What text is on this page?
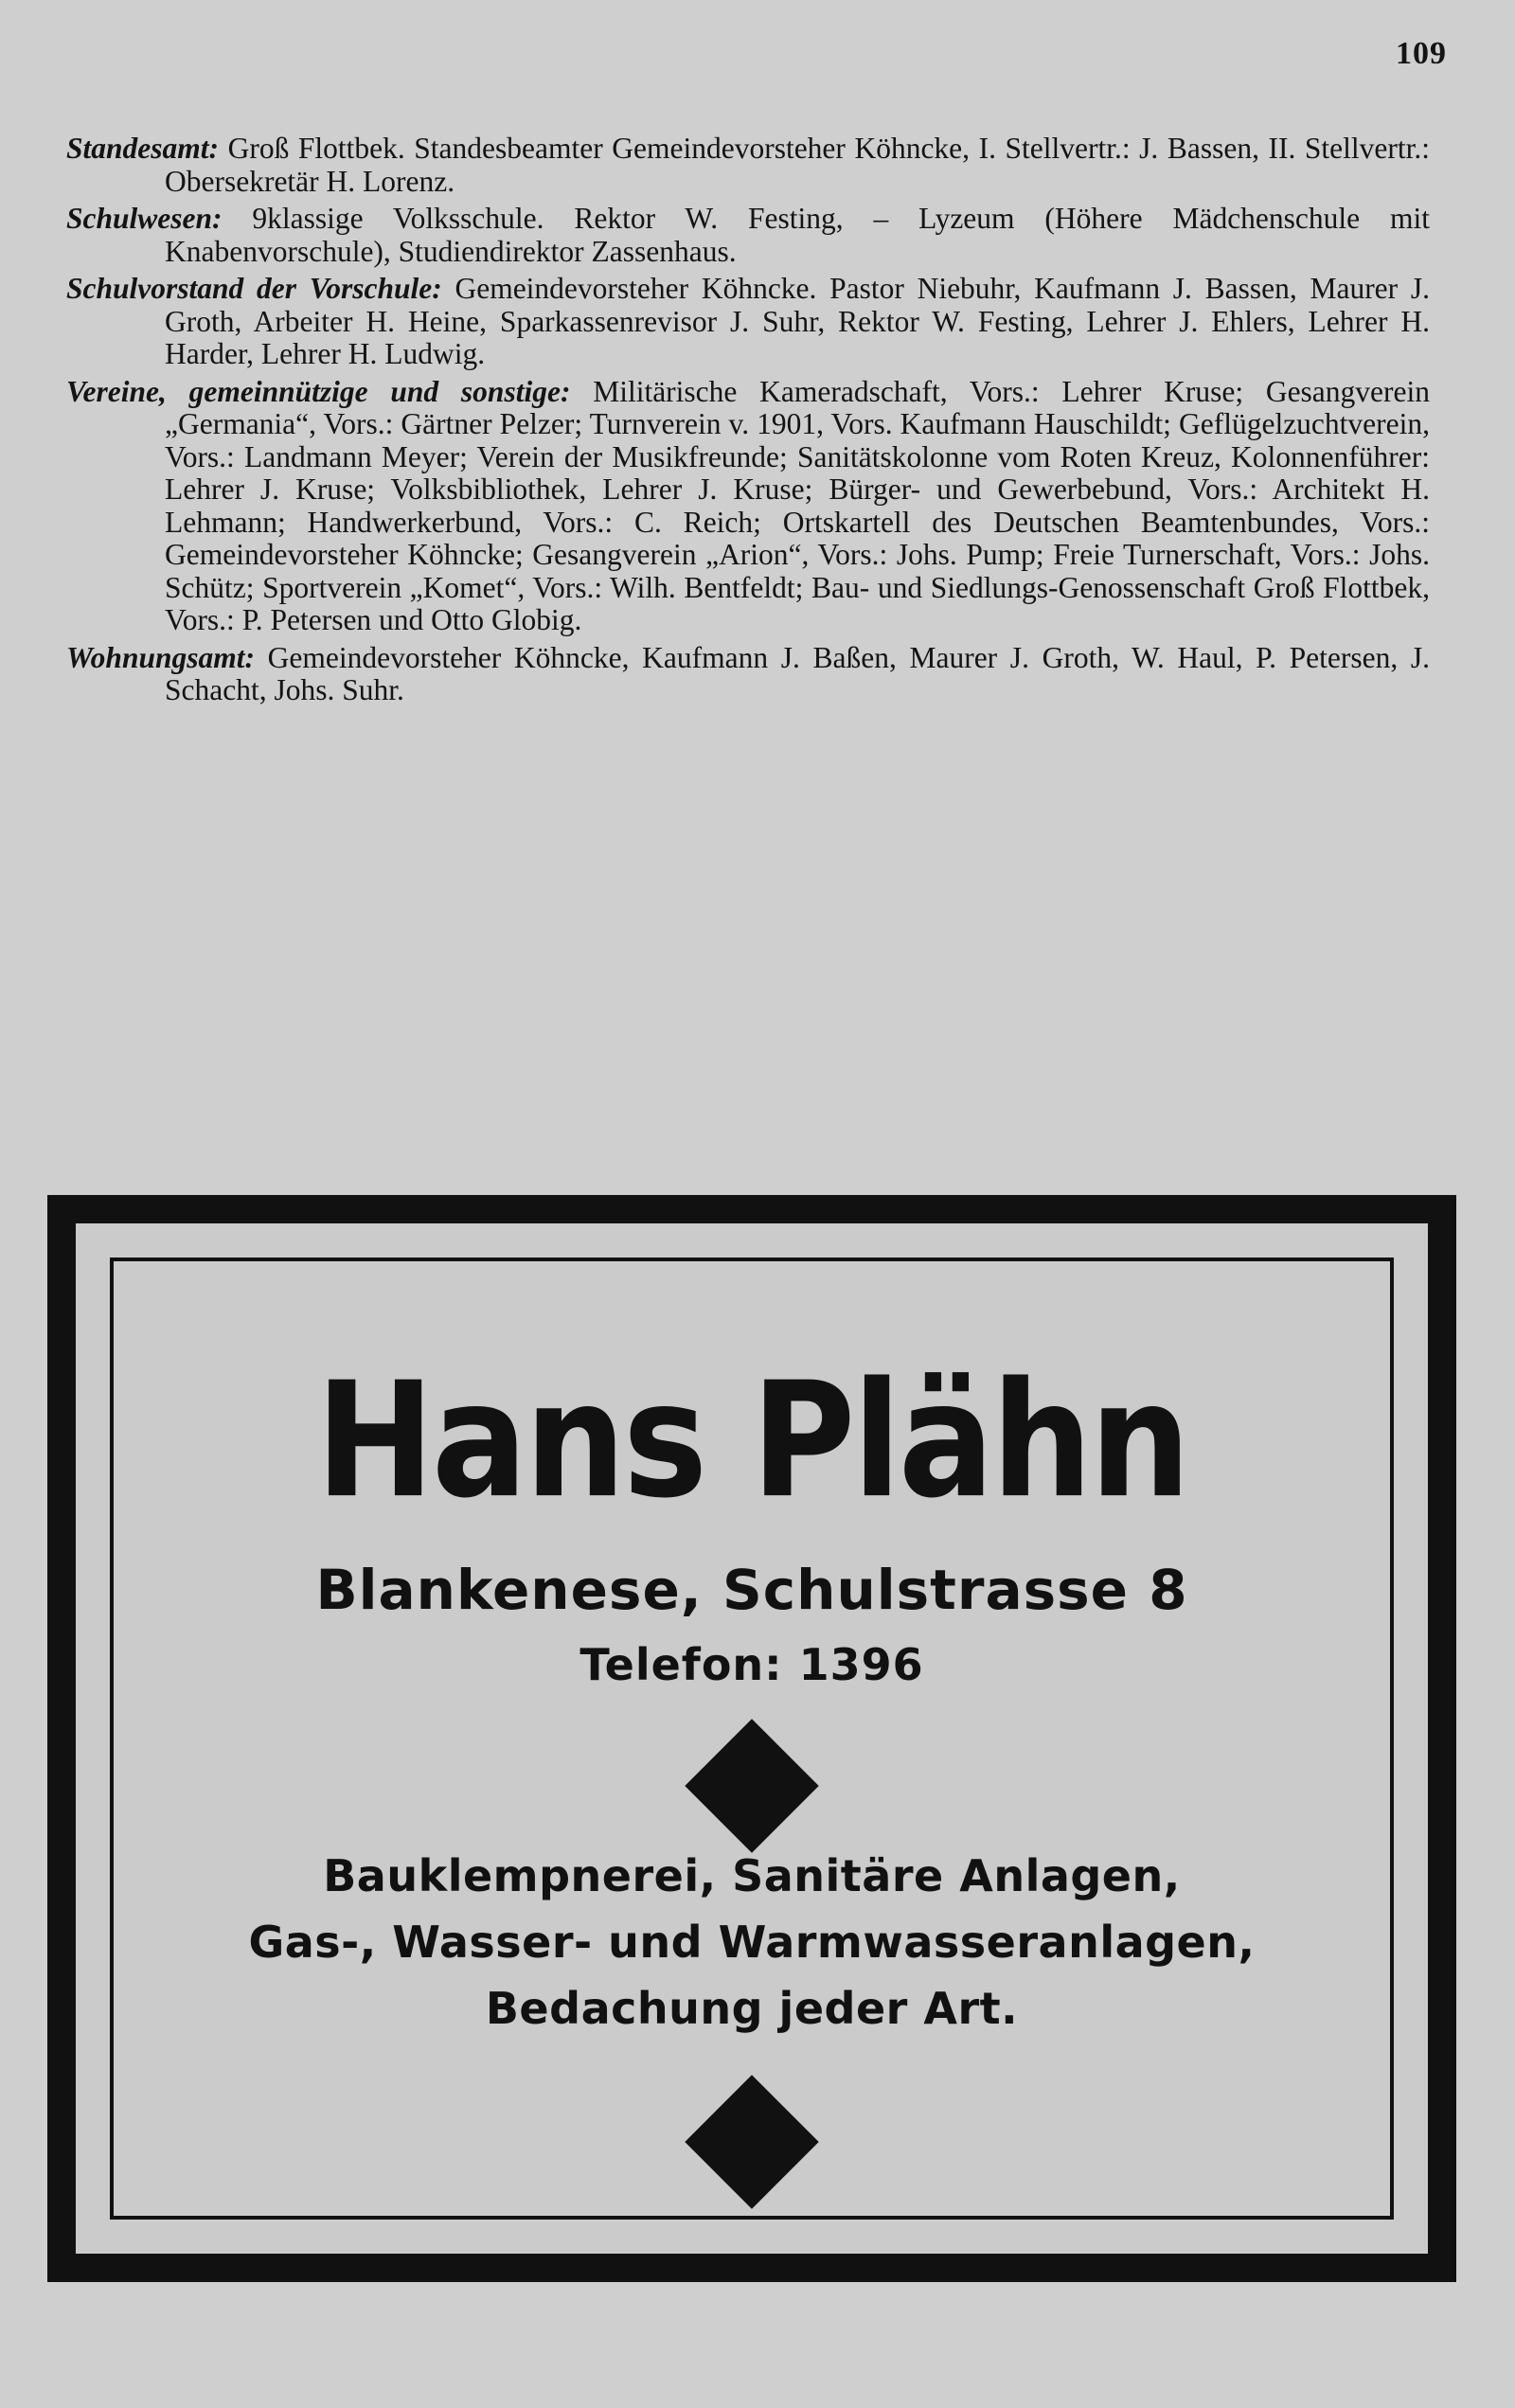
109

Standesamt: Groß Flottbek. Standesbeamter Gemeindevorsteher Köhncke, I. Stellvertr.: J. Bassen, II. Stellvertr.: Obersekretär H. Lorenz.

Schulwesen: 9klassige Volksschule. Rektor W. Festing, – Lyzeum (Höhere Mädchenschule mit Knabenvorschule), Studiendirektor Zassenhaus.

Schulvorstand der Vorschule: Gemeindevorsteher Köhncke. Pastor Niebuhr, Kaufmann J. Bassen, Maurer J. Groth, Arbeiter H. Heine, Sparkassenrevisor J. Suhr, Rektor W. Festing, Lehrer J. Ehlers, Lehrer H. Harder, Lehrer H. Ludwig.

Vereine, gemeinnützige und sonstige: Militärische Kameradschaft, Vors.: Lehrer Kruse; Gesangverein „Germania“, Vors.: Gärtner Pelzer; Turnverein v. 1901, Vors. Kaufmann Hauschildt; Geflügelzuchtverein, Vors.: Landmann Meyer; Verein der Musikfreunde; Sanitätskolonne vom Roten Kreuz, Kolonnenführer: Lehrer J. Kruse; Volksbibliothek, Lehrer J. Kruse; Bürger- und Gewerbebund, Vors.: Architekt H. Lehmann; Handwerkerbund, Vors.: C. Reich; Ortskartell des Deutschen Beamtenbundes, Vors.: Gemeindevorsteher Köhncke; Gesangverein „Arion“, Vors.: Johs. Pump; Freie Turnerschaft, Vors.: Johs. Schütz; Sportverein „Komet“, Vors.: Wilh. Bentfeldt; Bau- und Siedlungs-Genossenschaft Groß Flottbek, Vors.: P. Petersen und Otto Globig.

Wohnungsamt: Gemeindevorsteher Köhncke, Kaufmann J. Baßen, Maurer J. Groth, W. Haul, P. Petersen, J. Schacht, Johs. Suhr.

Hans Plähn
Blankenese, Schulstrasse 8
Telefon: 1396
Bauklempnerei, Sanitäre Anlagen,
Gas-, Wasser- und Warmwasseranlagen,
Bedachung jeder Art.
